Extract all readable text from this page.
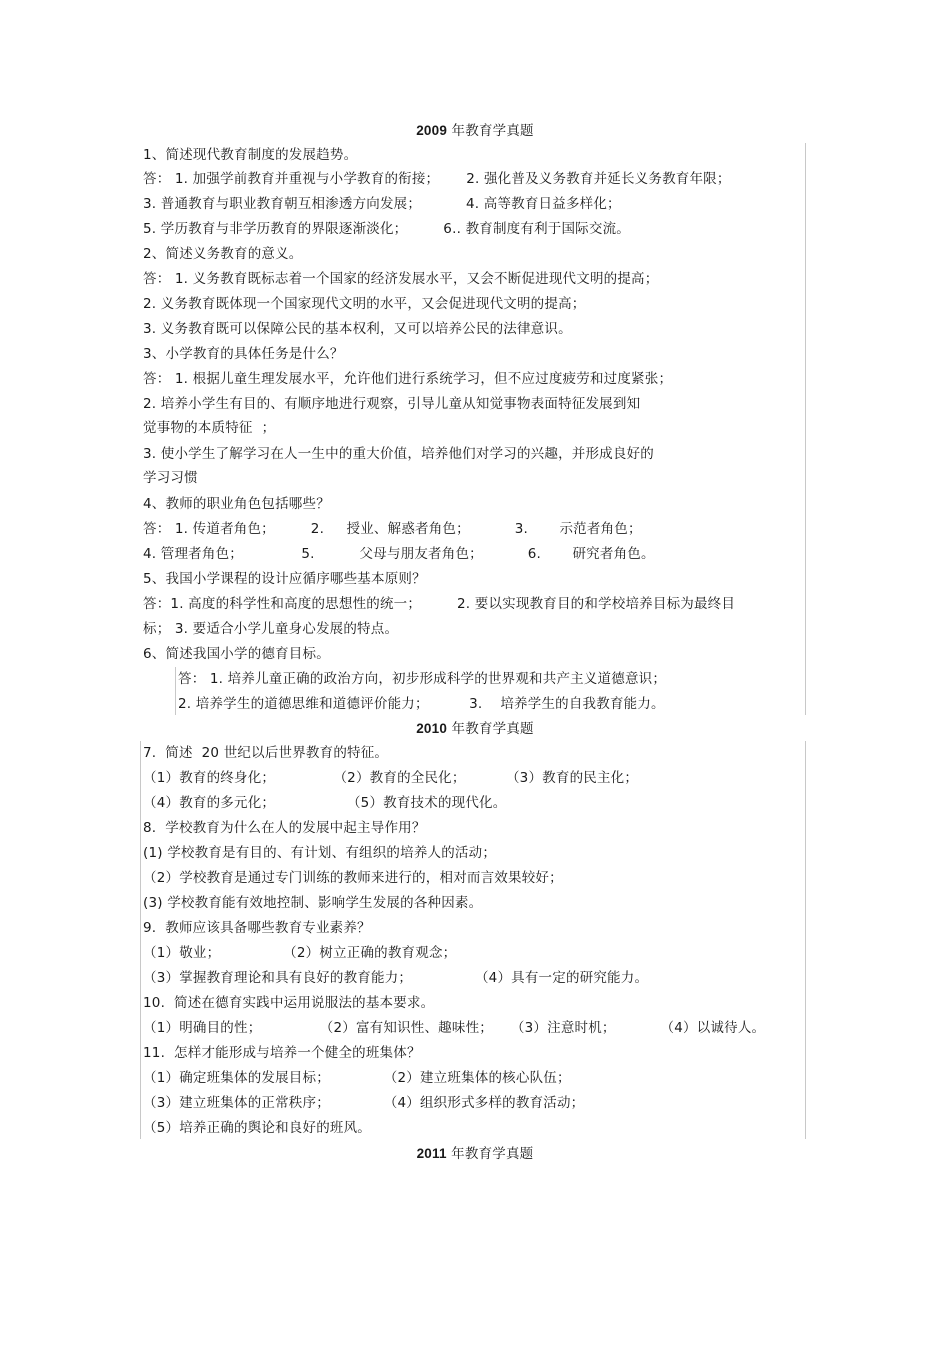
2009 年教育学真题
1、简述现代教育制度的发展趋势。
答： 1. 加强学前教育并重视与小学教育的衔接；      2. 强化普及义务教育并延长义务教育年限；
3. 普通教育与职业教育朝互相渗透方向发展；          4. 高等教育日益多样化；
5. 学历教育与非学历教育的界限逐渐淡化；        6.. 教育制度有利于国际交流。
2、简述义务教育的意义。
答： 1. 义务教育既标志着一个国家的经济发展水平，又会不断促进现代文明的提高；
2. 义务教育既体现一个国家现代文明的水平，又会促进现代文明的提高；
3. 义务教育既可以保障公民的基本权利，又可以培养公民的法律意识。
3、小学教育的具体任务是什么？
答： 1. 根据儿童生理发展水平，允许他们进行系统学习，但不应过度疲劳和过度紧张；
2. 培养小学生有目的、有顺序地进行观察，引导儿童从知觉事物表面特征发展到知
觉事物的本质特征  ；
3. 使小学生了解学习在人一生中的重大价值，培养他们对学习的兴趣，并形成良好的
学习习惯
4、教师的职业角色包括哪些？
答： 1. 传道者角色；        2.     授业、解惑者角色；          3.       示范者角色；
4. 管理者角色；             5.          父母与朋友者角色；          6.       研究者角色。
5、我国小学课程的设计应循序哪些基本原则？
答：1. 高度的科学性和高度的思想性的统一；        2. 要以实现教育目的和学校培养目标为最终目
标； 3. 要适合小学儿童身心发展的特点。
6、简述我国小学的德育目标。
答： 1. 培养儿童正确的政治方向，初步形成科学的世界观和共产主义道德意识；
2. 培养学生的道德思维和道德评价能力；         3.    培养学生的自我教育能力。
2010 年教育学真题
7.  简述  20 世纪以后世界教育的特征。
（1）教育的终身化；             （2）教育的全民化；         （3）教育的民主化；
（4）教育的多元化；                （5）教育技术的现代化。
8.  学校教育为什么在人的发展中起主导作用？
(1) 学校教育是有目的、有计划、有组织的培养人的活动；
（2）学校教育是通过专门训练的教师来进行的，相对而言效果较好；
(3) 学校教育能有效地控制、影响学生发展的各种因素。
9.  教师应该具备哪些教育专业素养？
（1）敬业；              （2）树立正确的教育观念；
（3）掌握教育理论和具有良好的教育能力；              （4）具有一定的研究能力。
10.  简述在德育实践中运用说服法的基本要求。
（1）明确目的性；             （2）富有知识性、趣味性；    （3）注意时机；          （4）以诚待人。
11.  怎样才能形成与培养一个健全的班集体？
（1）确定班集体的发展目标；            （2）建立班集体的核心队伍；
（3）建立班集体的正常秩序；            （4）组织形式多样的教育活动；
（5）培养正确的舆论和良好的班风。
2011 年教育学真题
